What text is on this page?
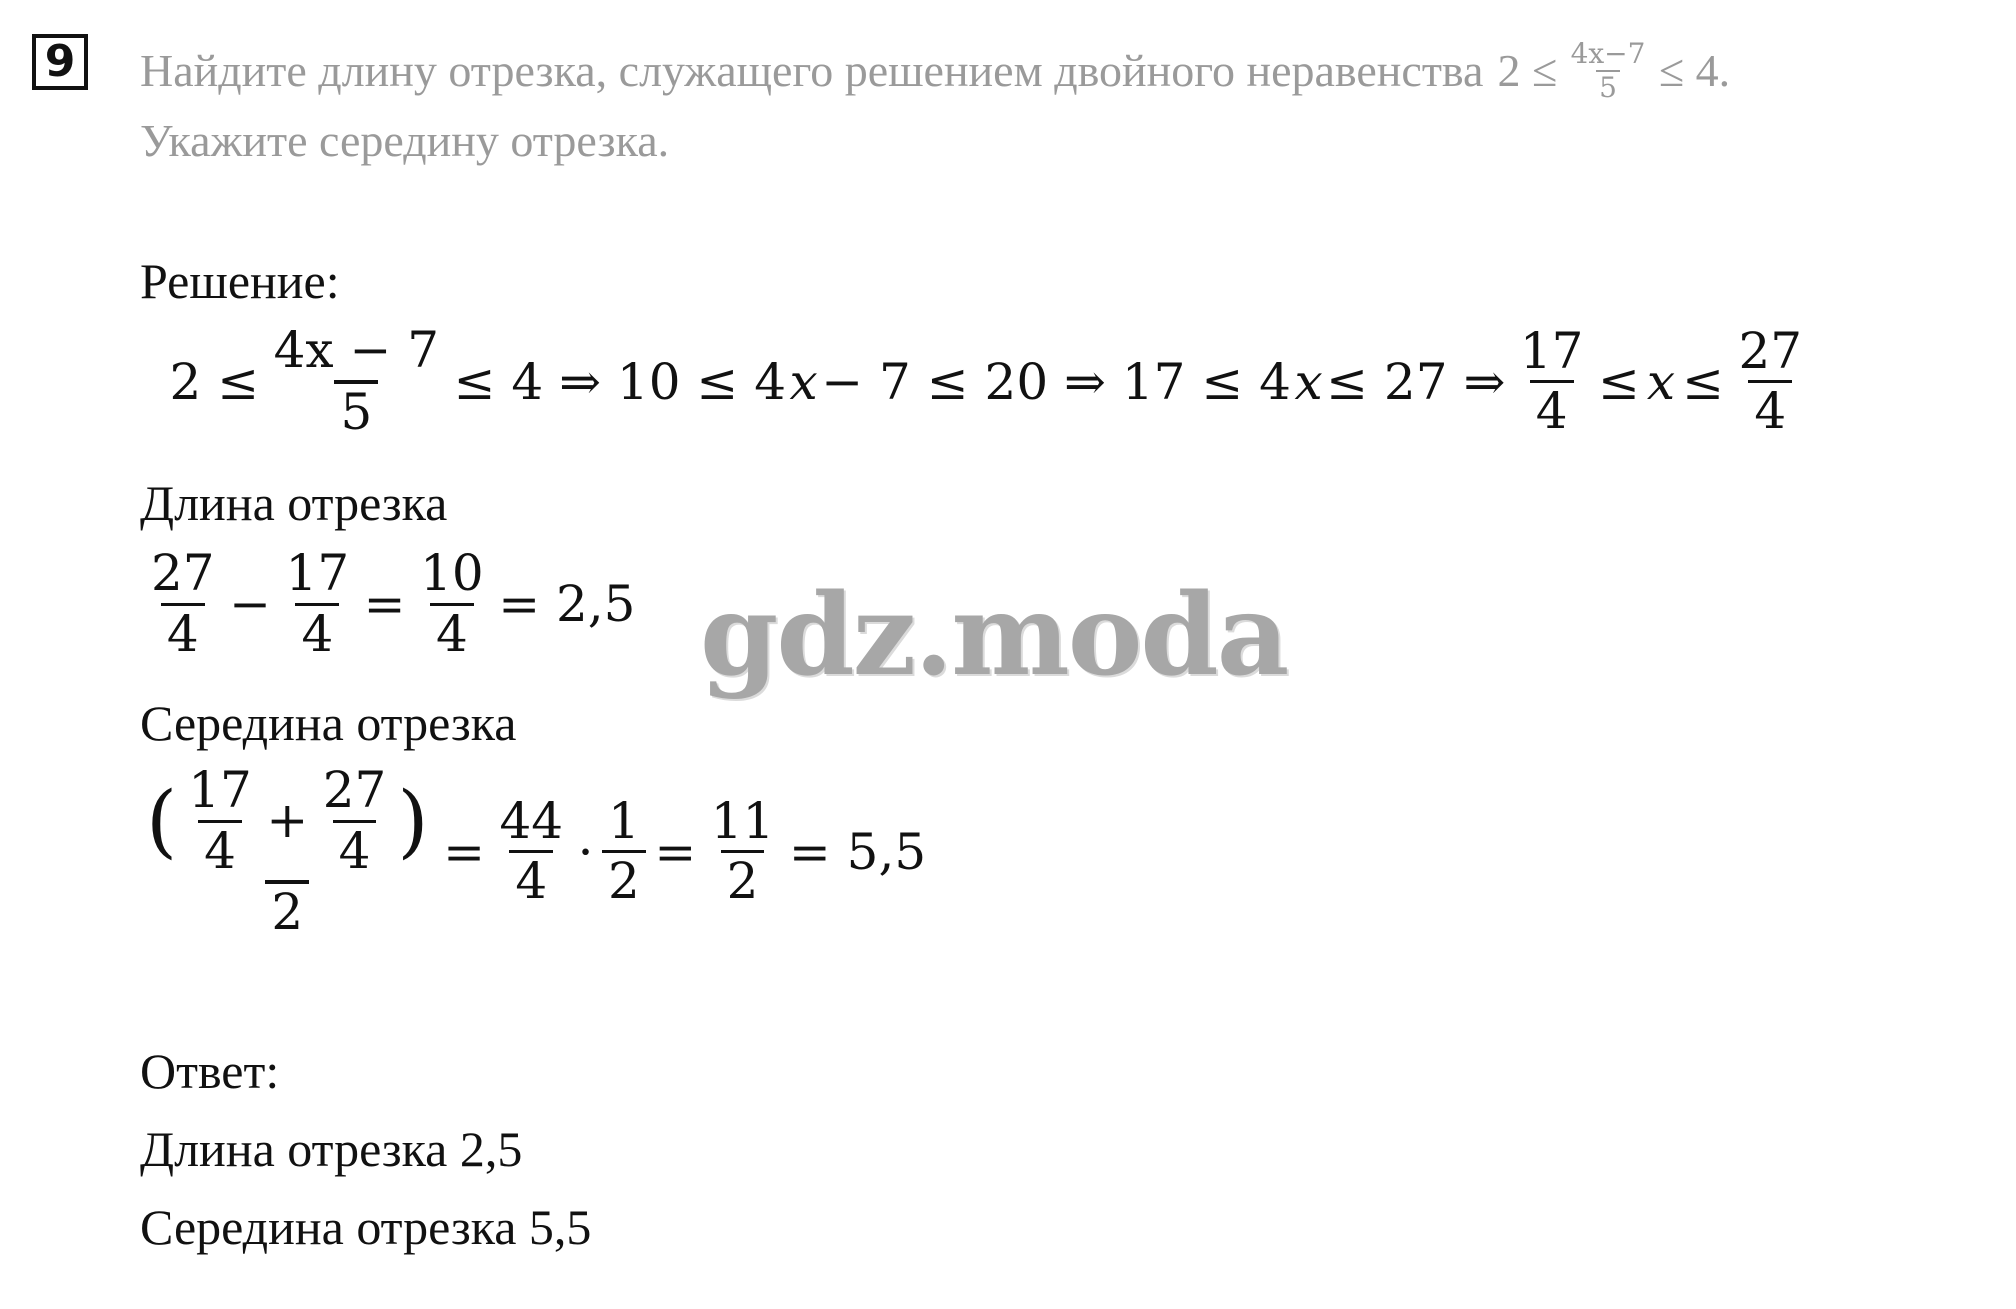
9 Найдите длину отрезка, служащего решением двойного неравенства $2 \le \frac{4x-7}{5} \le 4$.
Укажите середину отрезка.
Решение:
$2 \le \frac{4x - 7}{5} \le 4$ ⇒ 10 ≤ 4 x − 7 ≤ 20 ⇒ 17 ≤ 4 x ≤ 27 ⇒ $\frac{17}{4} \le x \le \frac{27}{4}$
Длина отрезка
$\frac{27}{4} - \frac{17}{4} = \frac{10}{4} = 2,5$ gdz.moda
Середина отрезка
( $\frac{17}{4} + \frac{27}{4}$ )
2
= $\frac{44}{4} \cdot \frac{1}{2} = \frac{11}{2} = 5,5$
Ответ:
Длина отрезка 2,5
Середина отрезка 5,5
